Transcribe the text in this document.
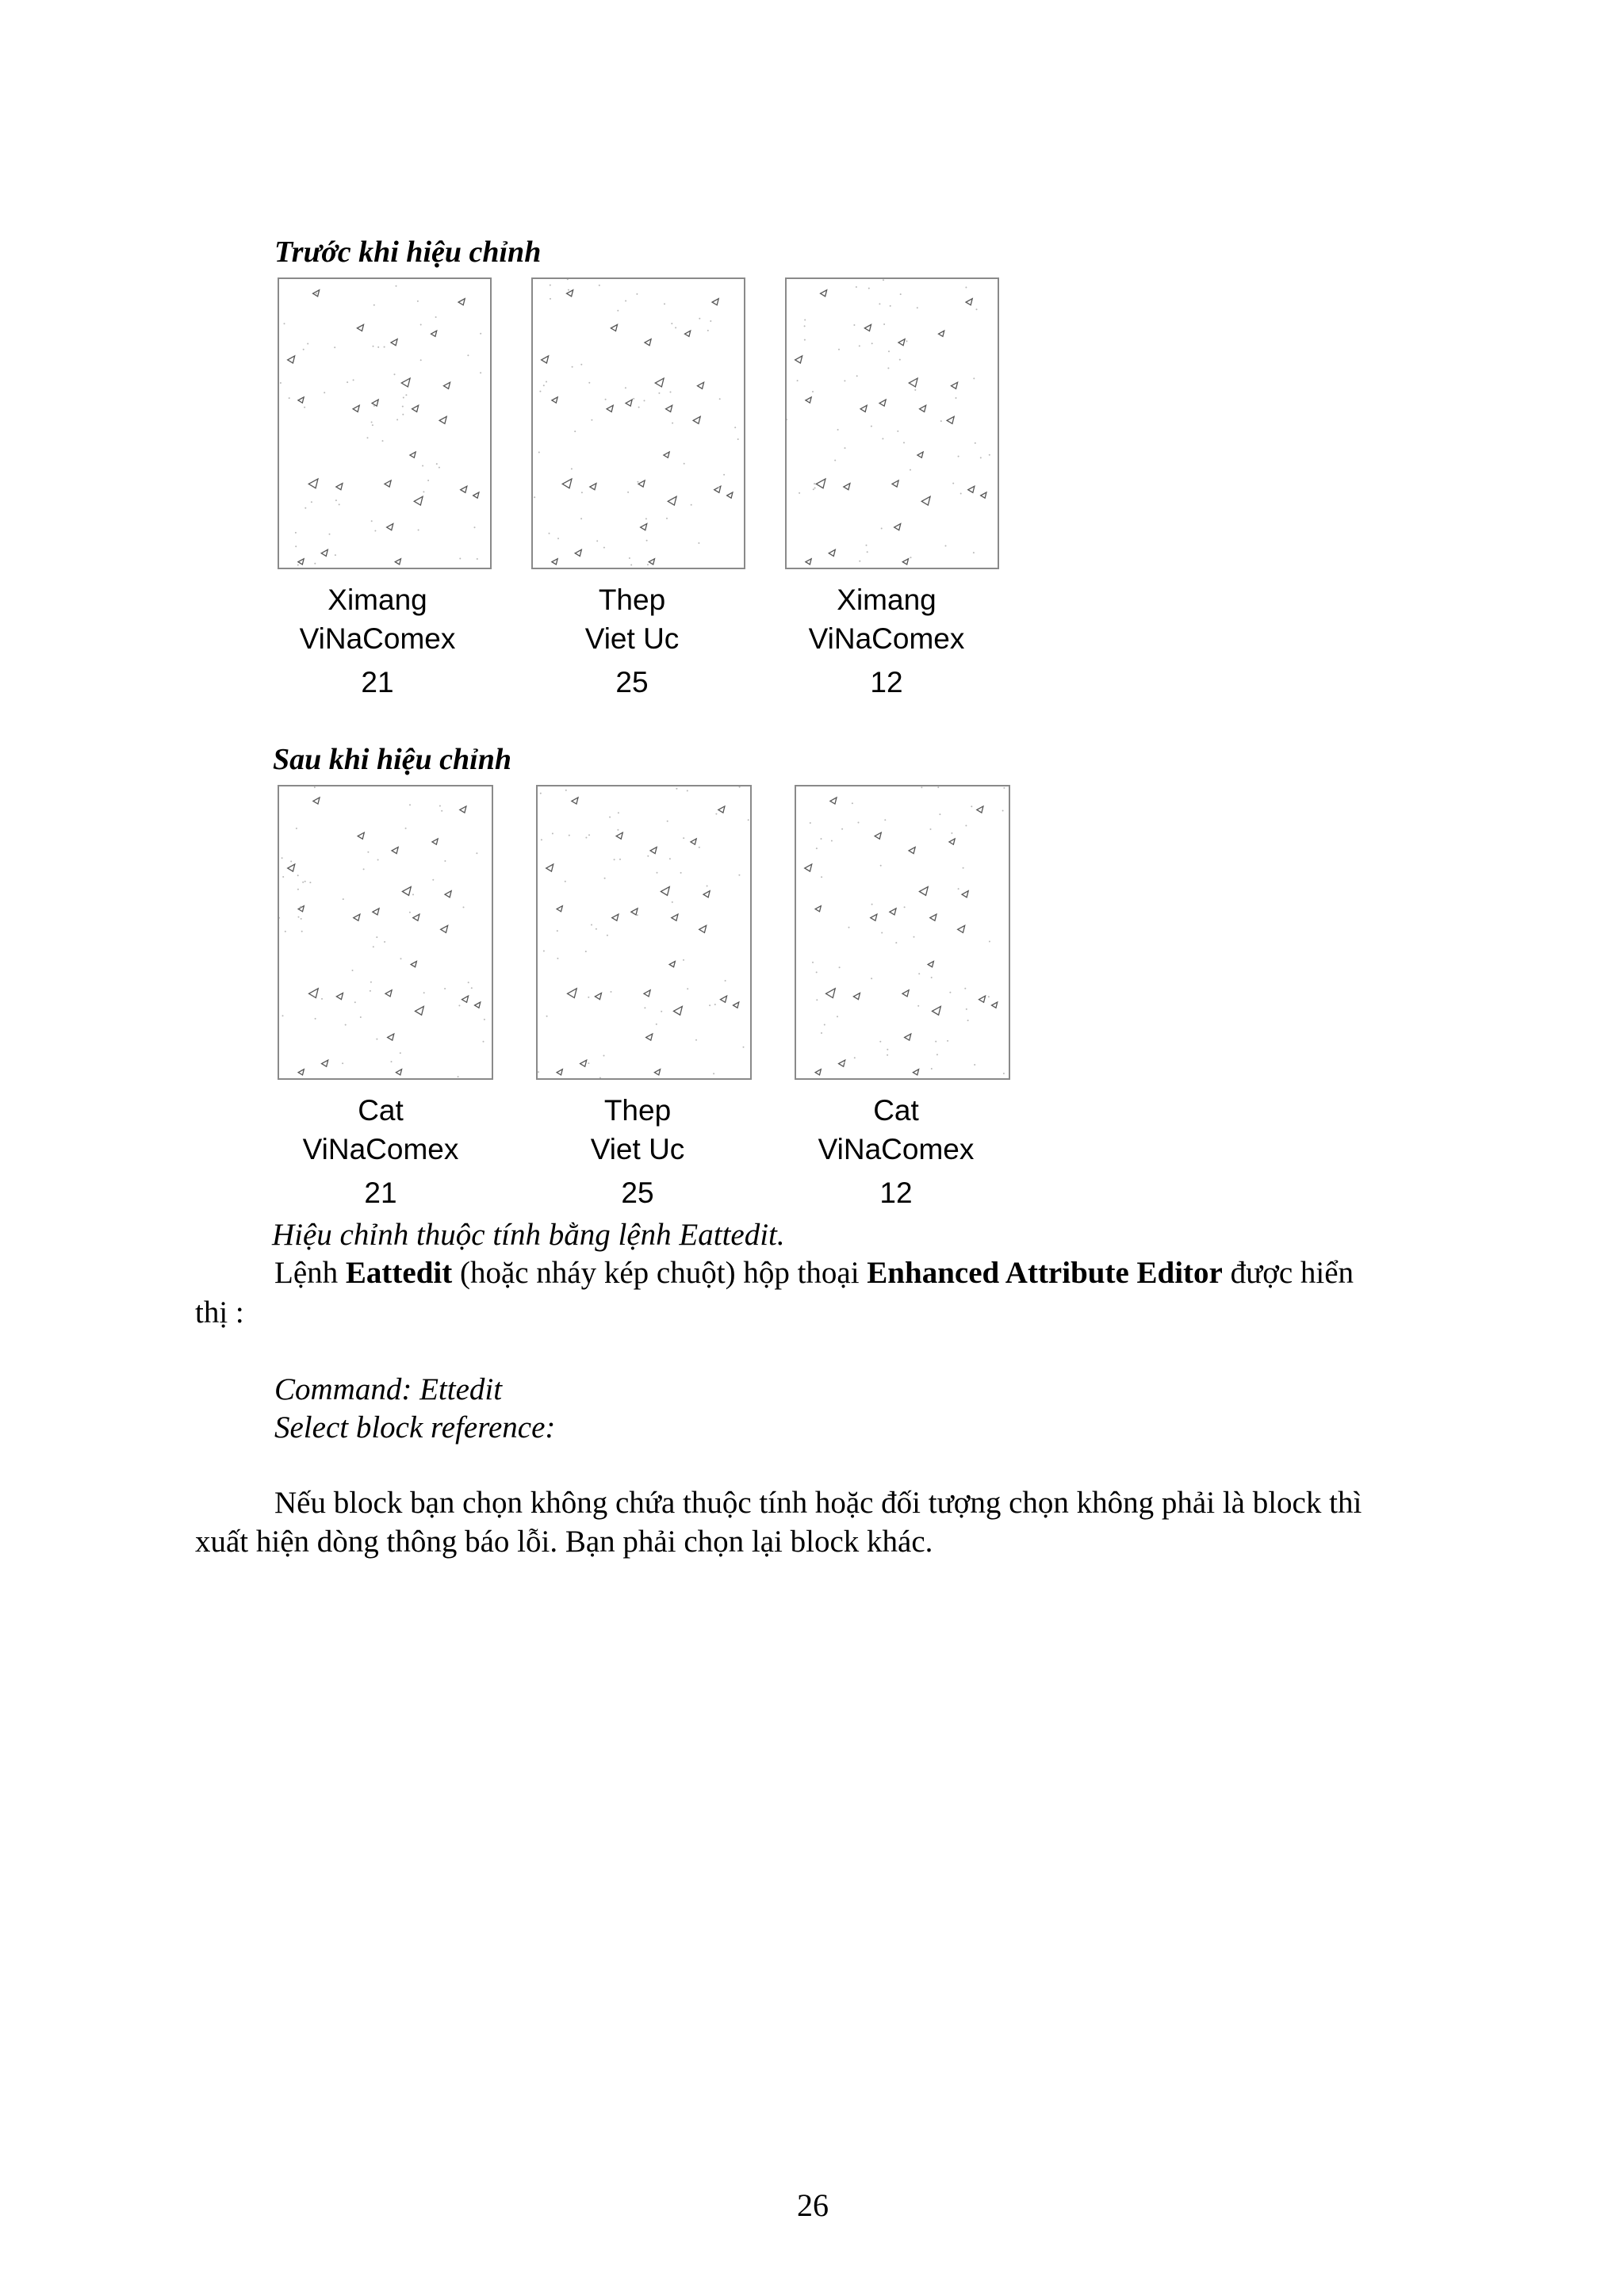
Trước khi hiệu chỉnh
Ximang
ViNaComex
21
Thep
Viet Uc
25
Ximang
ViNaComex
12
Sau khi hiệu chỉnh
Cat
ViNaComex
21
Thep
Viet Uc
25
Cat
ViNaComex
12
Hiệu chỉnh thuộc tính bằng lệnh Eattedit.
Lệnh Eattedit (hoặc nháy kép chuột) hộp thoại Enhanced Attribute Editor được hiển
thị :
Command: Ettedit
Select block reference:
Nếu block bạn chọn không chứa thuộc tính hoặc đối tượng chọn không phải là block thì
xuất hiện dòng thông báo lỗi. Bạn phải chọn lại block khác.
26
